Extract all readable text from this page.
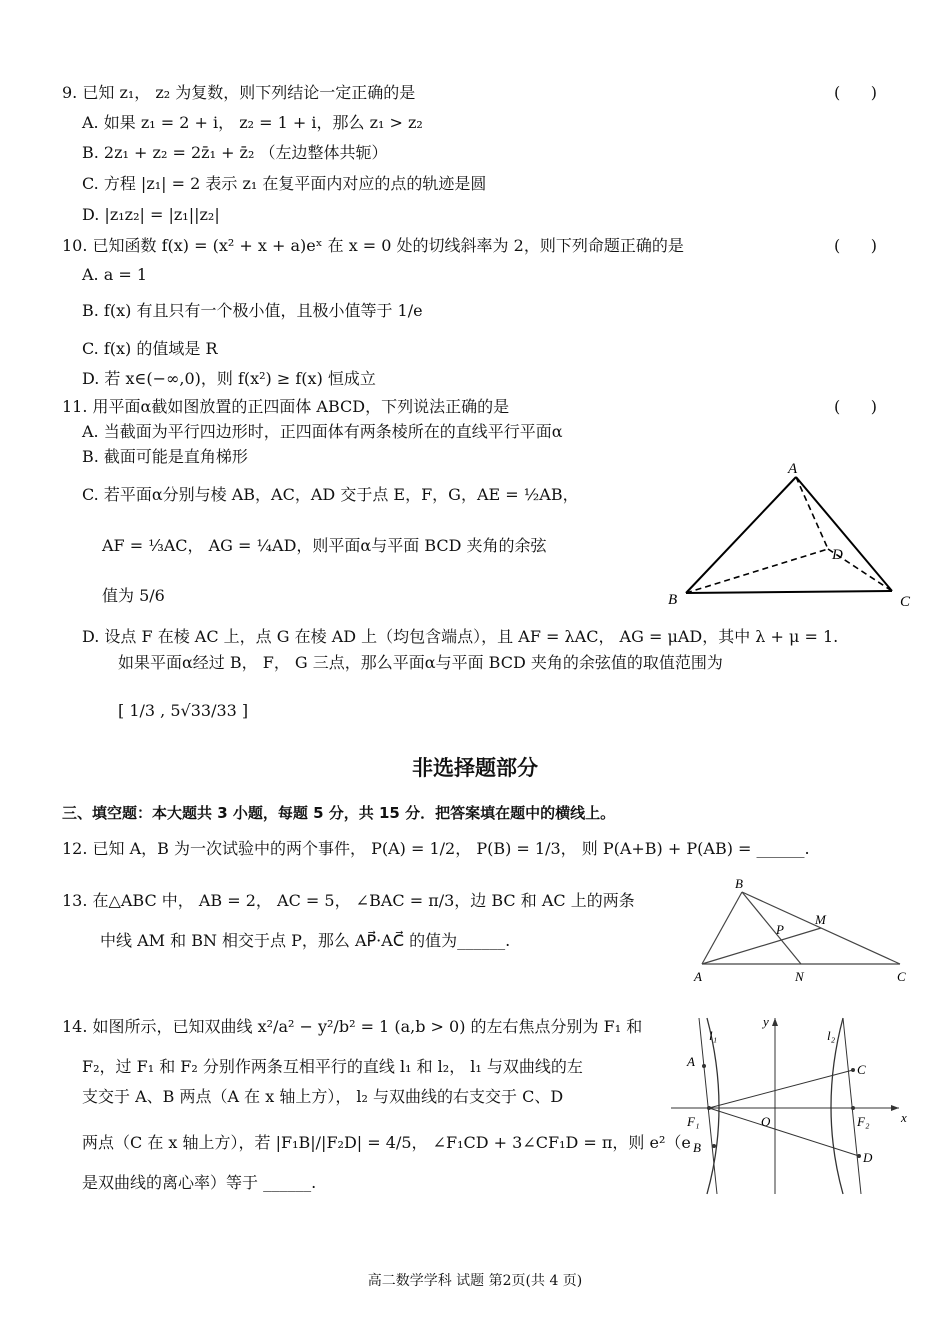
9. 已知 z₁， z₂ 为复数，则下列结论一定正确的是	(      )
A. 如果 z₁ = 2 + i， z₂ = 1 + i，那么 z₁ > z₂
B. 2z₁ + z₂ = 2z̄₁ + z̄₂ （左边整体共轭）
C. 方程 |z₁| = 2 表示 z₁ 在复平面内对应的点的轨迹是圆
D. |z₁z₂| = |z₁||z₂|
10. 已知函数 f(x) = (x² + x + a)eˣ 在 x = 0 处的切线斜率为 2，则下列命题正确的是	(      )
A. a = 1
B. f(x) 有且只有一个极小值，且极小值等于 1/e
C. f(x) 的值域是 R
D. 若 x∈(−∞,0)，则 f(x²) ≥ f(x) 恒成立
11. 用平面α截如图放置的正四面体 ABCD，下列说法正确的是	(      )
A. 当截面为平行四边形时，正四面体有两条棱所在的直线平行平面α
B. 截面可能是直角梯形
C. 若平面α分别与棱 AB，AC，AD 交于点 E，F，G，AE = ½AB，
AF = ⅓AC， AG = ¼AD，则平面α与平面 BCD 夹角的余弦
值为 5/6
D. 设点 F 在棱 AC 上，点 G 在棱 AD 上（均包含端点），且 AF = λAC， AG = μAD，其中 λ + μ = 1.
如果平面α经过 B， F， G 三点，那么平面α与平面 BCD 夹角的余弦值的取值范围为
[ 1/3 , 5√33/33 ]
A
B	C
D
非选择题部分
三、填空题：本大题共 3 小题，每题 5 分，共 15 分．把答案填在题中的横线上。
12. 已知 A，B 为一次试验中的两个事件， P(A) = 1/2， P(B) = 1/3， 则 P(A+B) + P(AB) = ______.
13. 在△ABC 中， AB = 2， AC = 5， ∠BAC = π/3，边 BC 和 AC 上的两条
中线 AM 和 BN 相交于点 P，那么 AP⃗·AC⃗ 的值为______.
B
A	C
M
N
P
14. 如图所示，已知双曲线 x²/a² − y²/b² = 1 (a,b > 0) 的左右焦点分别为 F₁ 和
F₂，过 F₁ 和 F₂ 分别作两条互相平行的直线 l₁ 和 l₂， l₁ 与双曲线的左
支交于 A、B 两点（A 在 x 轴上方）， l₂ 与双曲线的右支交于 C、D
两点（C 在 x 轴上方），若 |F₁B|/|F₂D| = 4/5， ∠F₁CD + 3∠CF₁D = π，则 e²（e
是双曲线的离心率）等于 ______.
l₁	l₂
y
x
A
B
C
D
F₁	F₂
O
高二数学学科 试题 第2页(共 4 页)
